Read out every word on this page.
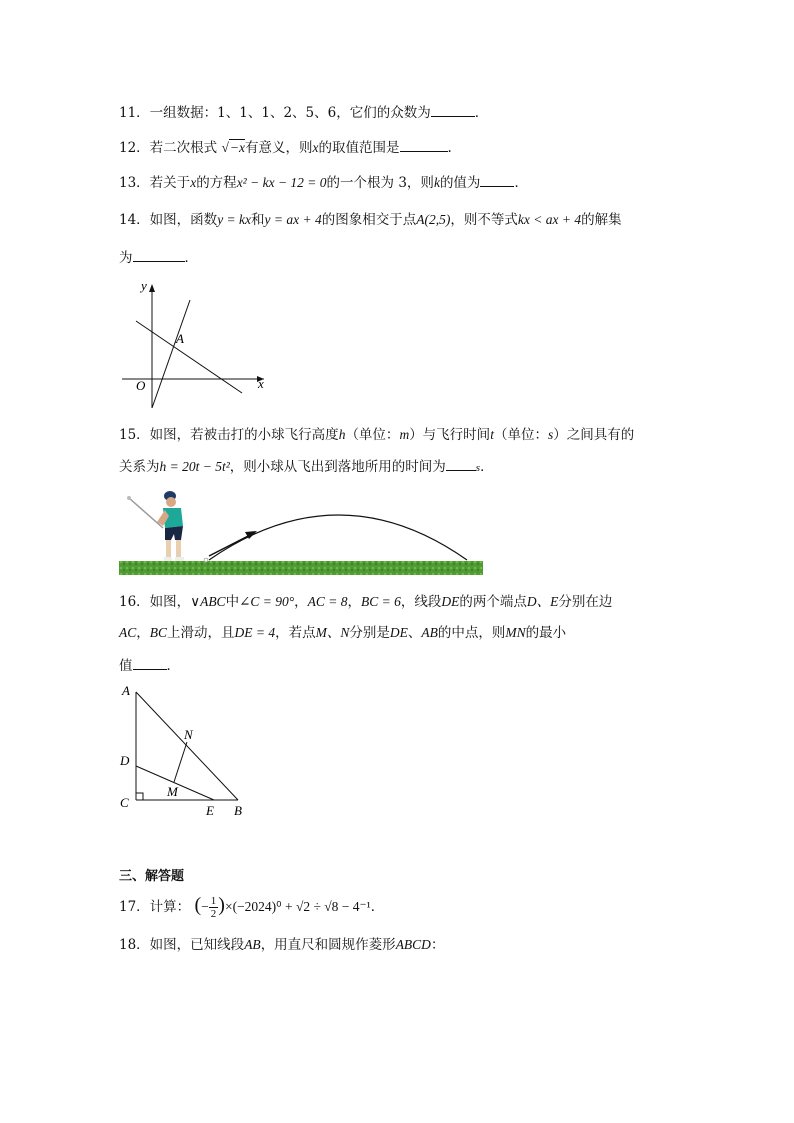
11．一组数据：1、1、1、2、5、6，它们的众数为	．
12．若二次根式 √−x有意义，则x的取值范围是	.
13．若关于x的方程x² − kx − 12 = 0的一个根为 3，则k的值为	．
14．如图，函数y = kx和y = ax + 4的图象相交于点A(2,5)，则不等式kx < ax + 4的解集
为	．
y
x
O
A
15．如图，若被击打的小球飞行高度h（单位：m）与飞行时间t（单位：s）之间具有的
关系为h = 20t − 5t²，则小球从飞出到落地所用的时间为	s．
16．如图，∨ABC中∠C = 90°，AC = 8，BC = 6，线段DE的两个端点D、E分别在边
AC，BC上滑动，且DE = 4，若点M、N分别是DE、AB的中点，则MN的最小
值	．
A
B
C
D
E
M
N
三、解答题
17．计算： (− $\frac{1}{2} )\times(-2024)^0 + √2 \div √8 - 4^{-1}$．
18．如图，已知线段AB，用直尺和圆规作菱形ABCD：
